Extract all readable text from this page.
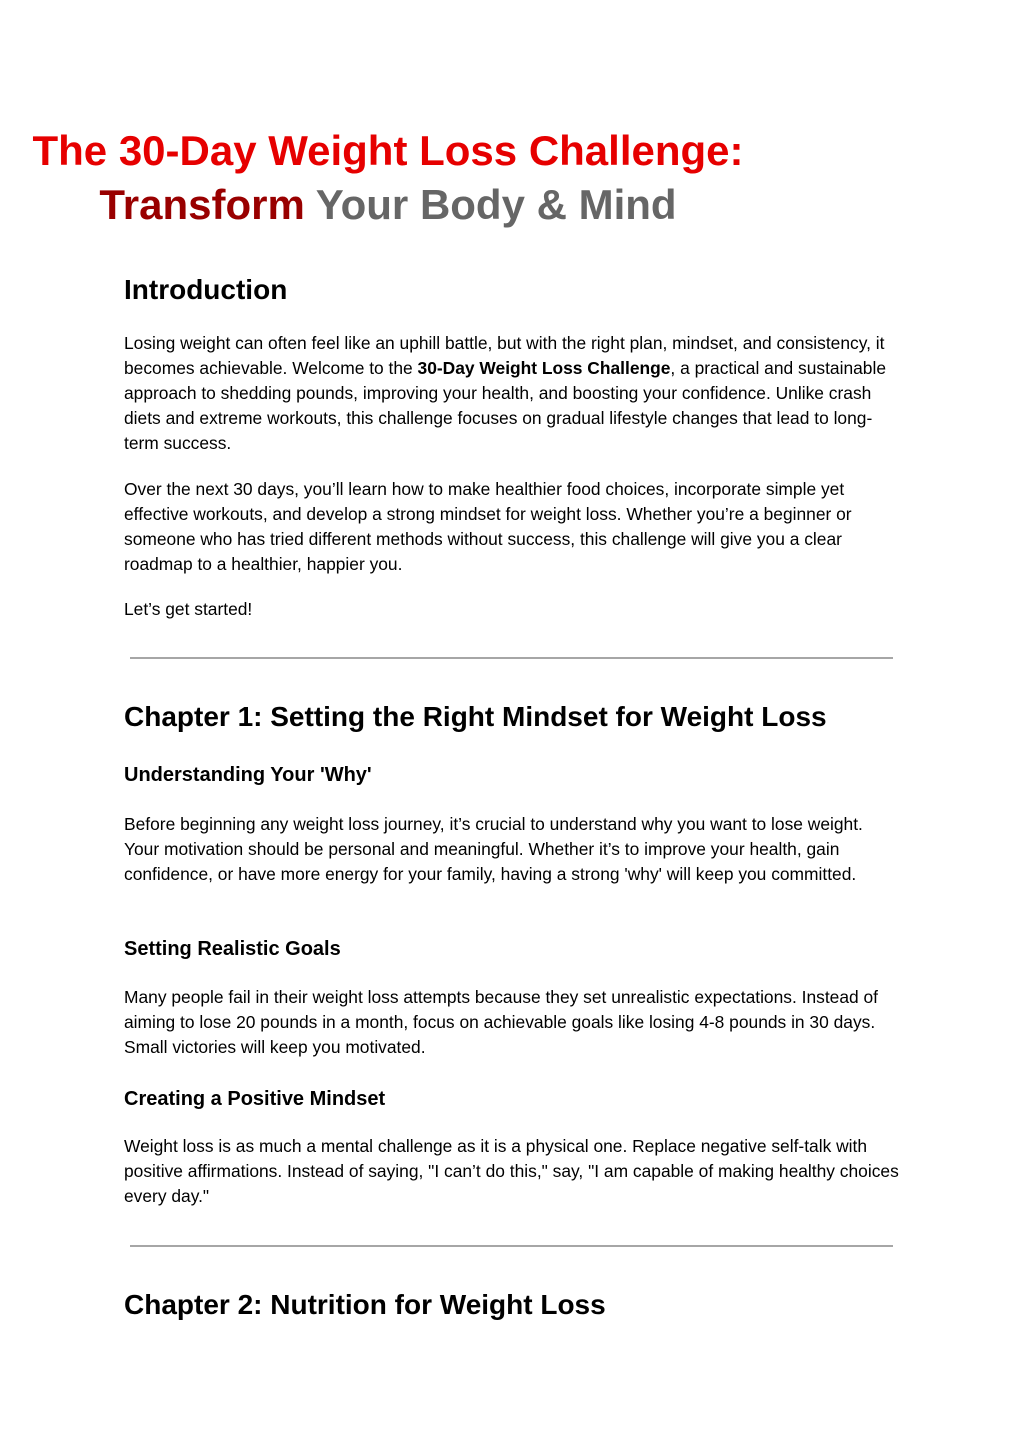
The 30-Day Weight Loss Challenge:
Transform Your Body & Mind
Introduction

Losing weight can often feel like an uphill battle, but with the right plan, mindset, and consistency, it becomes achievable. Welcome to the 30-Day Weight Loss Challenge, a practical and sustainable approach to shedding pounds, improving your health, and boosting your confidence. Unlike crash diets and extreme workouts, this challenge focuses on gradual lifestyle changes that lead to long-term success.

Over the next 30 days, you’ll learn how to make healthier food choices, incorporate simple yet effective workouts, and develop a strong mindset for weight loss. Whether you’re a beginner or someone who has tried different methods without success, this challenge will give you a clear roadmap to a healthier, happier you.

Let’s get started!

Chapter 1: Setting the Right Mindset for Weight Loss
Understanding Your 'Why'

Before beginning any weight loss journey, it’s crucial to understand why you want to lose weight. Your motivation should be personal and meaningful. Whether it’s to improve your health, gain confidence, or have more energy for your family, having a strong 'why' will keep you committed.

Setting Realistic Goals

Many people fail in their weight loss attempts because they set unrealistic expectations. Instead of aiming to lose 20 pounds in a month, focus on achievable goals like losing 4-8 pounds in 30 days. Small victories will keep you motivated.

Creating a Positive Mindset

Weight loss is as much a mental challenge as it is a physical one. Replace negative self-talk with positive affirmations. Instead of saying, "I can’t do this," say, "I am capable of making healthy choices every day."

Chapter 2: Nutrition for Weight Loss
